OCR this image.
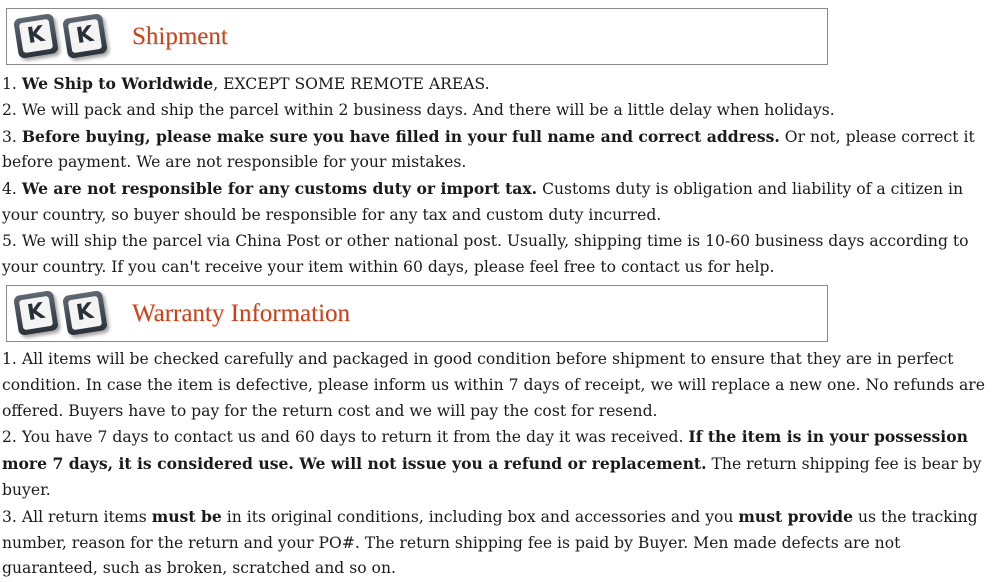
K	K Shipment

1. We Ship to Worldwide, EXCEPT SOME REMOTE AREAS.

2. We will pack and ship the parcel within 2 business days. And there will be a little delay when holidays.

3. Before buying, please make sure you have filled in your full name and correct address. Or not, please correct it before payment. We are not responsible for your mistakes.

4. We are not responsible for any customs duty or import tax. Customs duty is obligation and liability of a citizen in your country, so buyer should be responsible for any tax and custom duty incurred.

5. We will ship the parcel via China Post or other national post. Usually, shipping time is 10-60 business days according to your country. If you can't receive your item within 60 days, please feel free to contact us for help.

K	K Warranty Information

1. All items will be checked carefully and packaged in good condition before shipment to ensure that they are in perfect condition. In case the item is defective, please inform us within 7 days of receipt, we will replace a new one. No refunds are offered. Buyers have to pay for the return cost and we will pay the cost for resend.

2. You have 7 days to contact us and 60 days to return it from the day it was received. If the item is in your possession more 7 days, it is considered use. We will not issue you a refund or replacement. The return shipping fee is bear by buyer.

3. All return items must be in its original conditions, including box and accessories and you must provide us the tracking number, reason for the return and your PO#. The return shipping fee is paid by Buyer. Men made defects are not guaranteed, such as broken, scratched and so on.
